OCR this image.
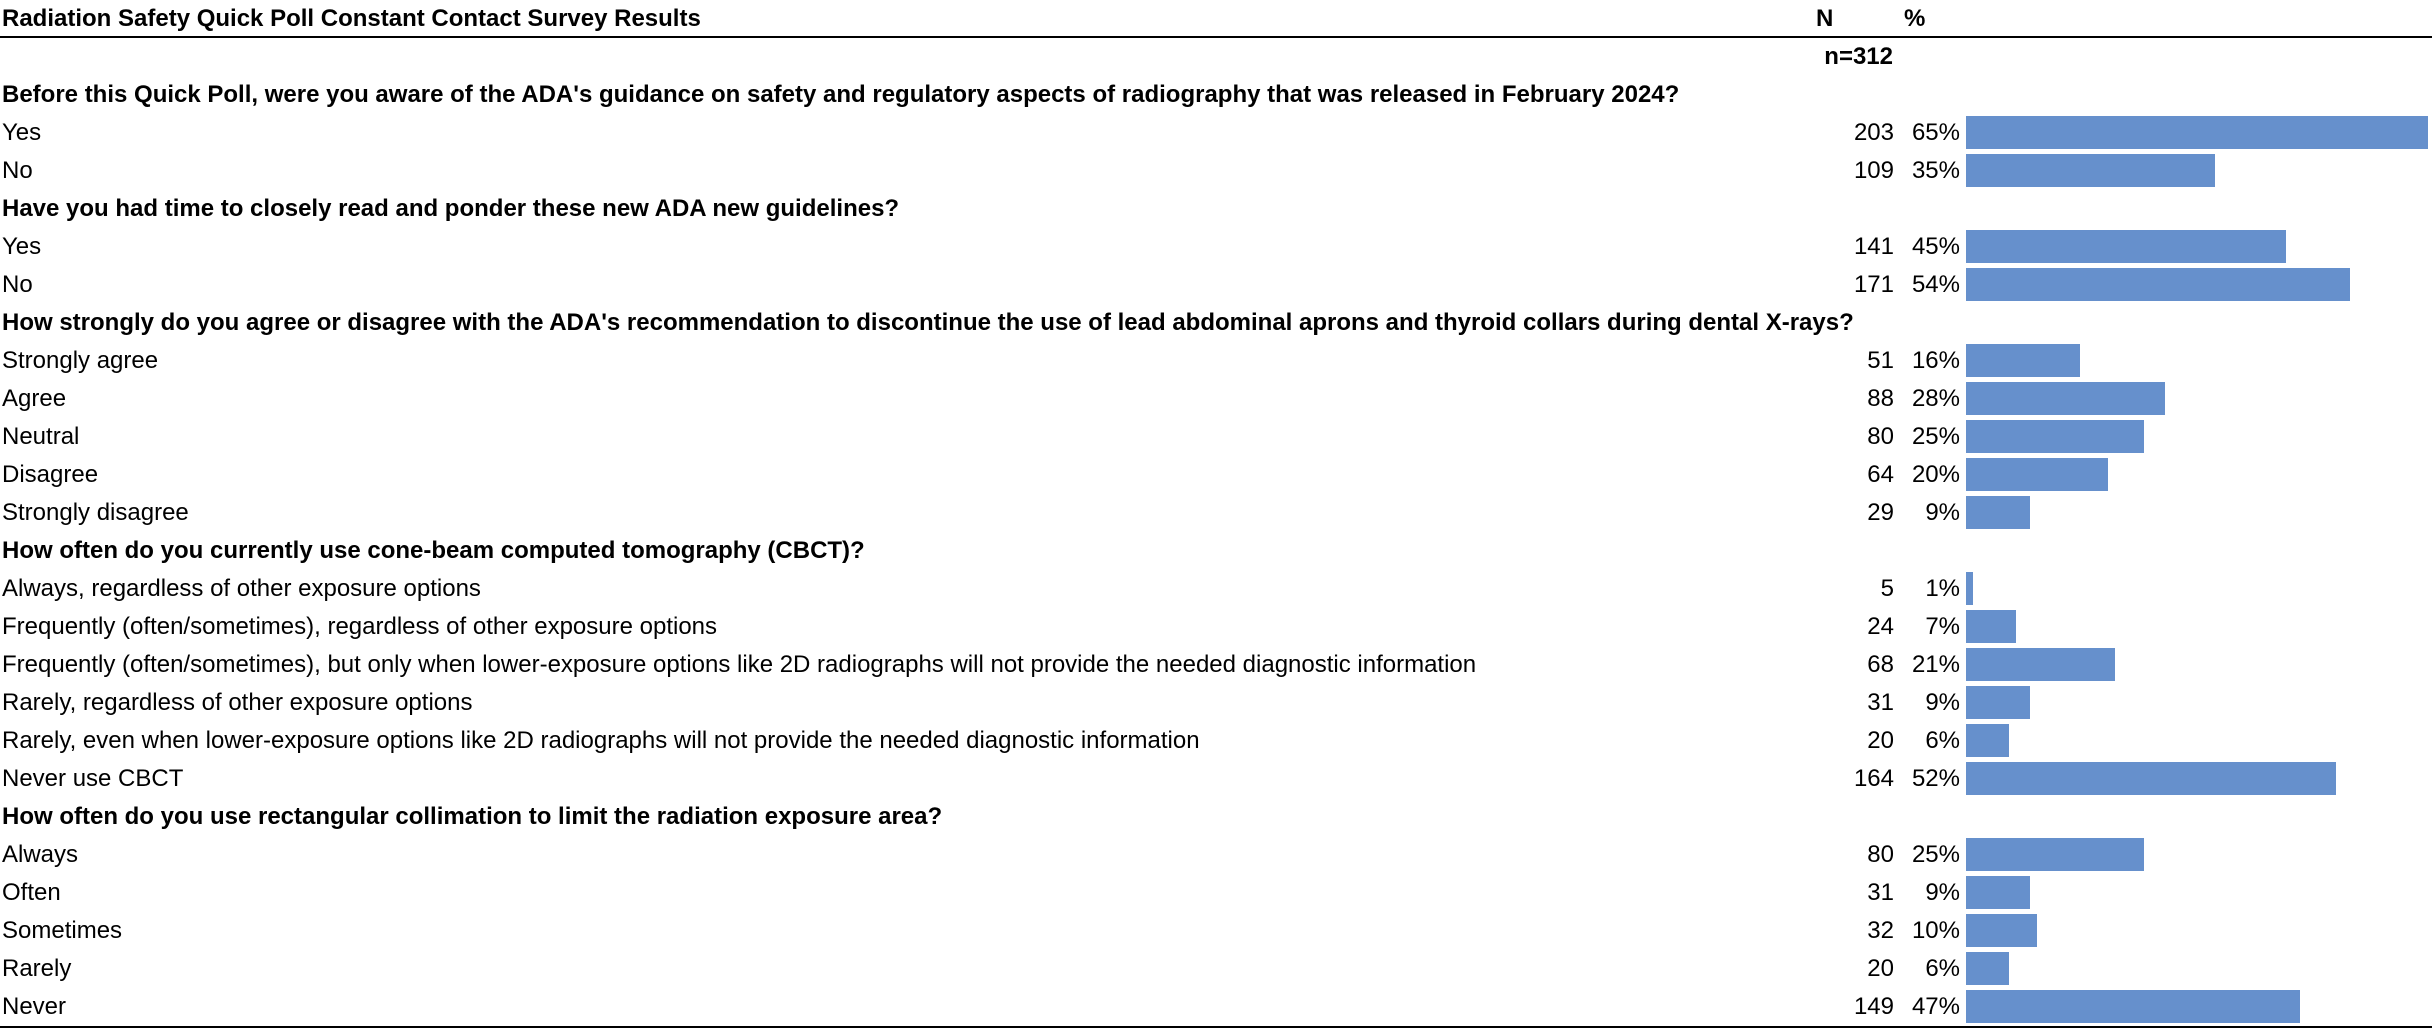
Radiation Safety Quick Poll Constant Contact Survey Results	N	%
n=312
Before this Quick Poll, were you aware of the ADA's guidance on safety and regulatory aspects of radiography that was released in February 2024?
Yes	203 65%
No	109 35%
Have you had time to closely read and ponder these new ADA new guidelines?
Yes	141 45%
No	171 54%
How strongly do you agree or disagree with the ADA's recommendation to discontinue the use of lead abdominal aprons and thyroid collars during dental X-rays?
Strongly agree	51 16%
Agree	88 28%
Neutral	80 25%
Disagree	64 20%
Strongly disagree	29	9%
How often do you currently use cone-beam computed tomography (CBCT)?
Always, regardless of other exposure options	5	1%
Frequently (often/sometimes), regardless of other exposure options	24	7%
Frequently (often/sometimes), but only when lower-exposure options like 2D radiographs will not provide the needed diagnostic information	68 21%
Rarely, regardless of other exposure options	31	9%
Rarely, even when lower-exposure options like 2D radiographs will not provide the needed diagnostic information	20	6%
Never use CBCT	164 52%
How often do you use rectangular collimation to limit the radiation exposure area?
Always	80 25%
Often	31	9%
Sometimes	32 10%
Rarely	20	6%
Never	149 47%
